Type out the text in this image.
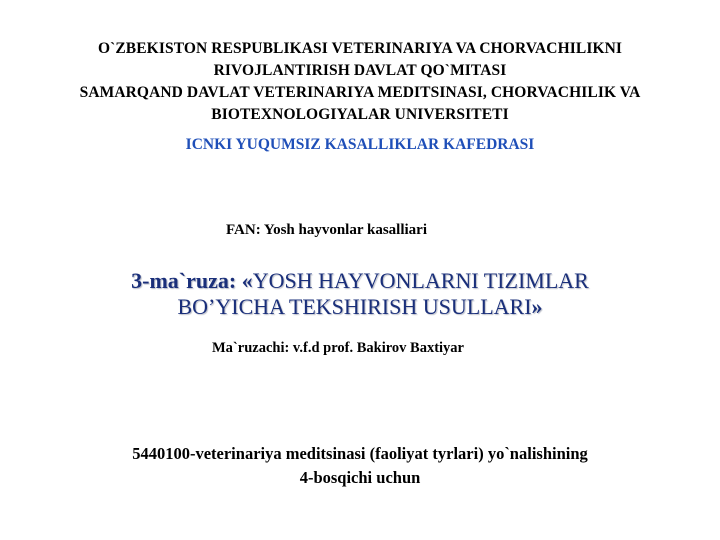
O`ZBEKISTON RESPUBLIKASI VETERINARIYA VA CHORVACHILIKNI
RIVOJLANTIRISH DAVLAT QO`MITASI
SAMARQAND DAVLAT VETERINARIYA MEDITSINASI, CHORVACHILIK VA
BIOTEXNOLOGIYALAR UNIVERSITETI
ICNKI YUQUMSIZ KASALLIKLAR KAFEDRASI
FAN: Yosh hayvonlar kasalliari
3-ma`ruza: «YOSH HAYVONLARNI TIZIMLAR
BO’YICHA TEKSHIRISH USULLARI»
Ma`ruzachi: v.f.d prof. Bakirov Baxtiyar
5440100-veterinariya meditsinasi (faoliyat tyrlari) yo`nalishining
4-bosqichi uchun
